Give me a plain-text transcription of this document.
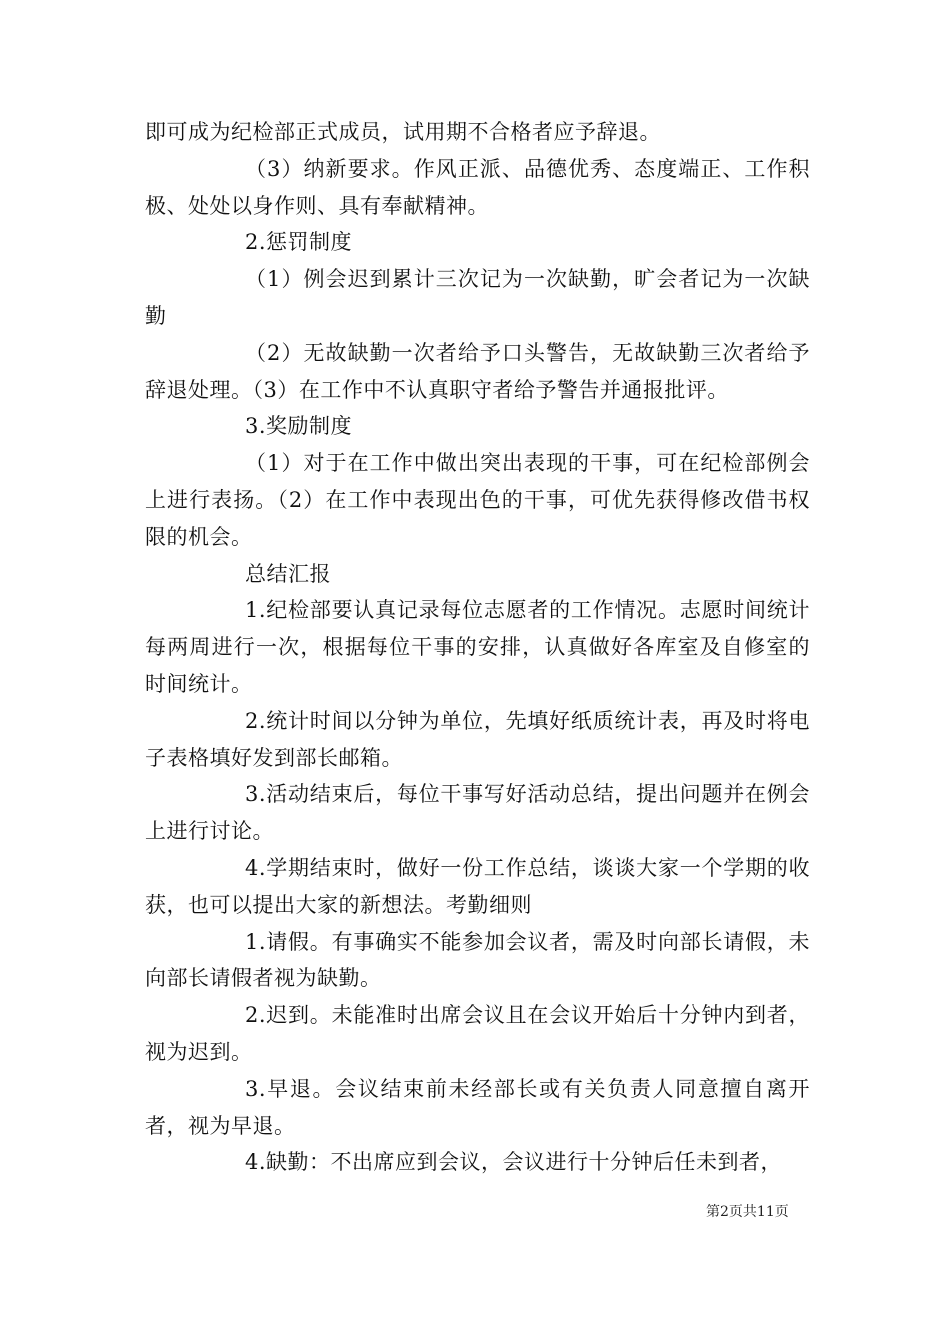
即可成为纪检部正式成员，试用期不合格者应予辞退。

（3）纳新要求。作风正派、品德优秀、态度端正、工作积极、处处以身作则、具有奉献精神。

2.惩罚制度

（1）例会迟到累计三次记为一次缺勤，旷会者记为一次缺勤

（2）无故缺勤一次者给予口头警告，无故缺勤三次者给予辞退处理。（3）在工作中不认真职守者给予警告并通报批评。

3.奖励制度

（1）对于在工作中做出突出表现的干事，可在纪检部例会上进行表扬。（2）在工作中表现出色的干事，可优先获得修改借书权限的机会。

总结汇报

1.纪检部要认真记录每位志愿者的工作情况。志愿时间统计每两周进行一次，根据每位干事的安排，认真做好各库室及自修室的时间统计。

2.统计时间以分钟为单位，先填好纸质统计表，再及时将电子表格填好发到部长邮箱。

3.活动结束后，每位干事写好活动总结，提出问题并在例会上进行讨论。

4.学期结束时，做好一份工作总结，谈谈大家一个学期的收获，也可以提出大家的新想法。考勤细则

1.请假。有事确实不能参加会议者，需及时向部长请假，未向部长请假者视为缺勤。

2.迟到。未能准时出席会议且在会议开始后十分钟内到者，视为迟到。

3.早退。会议结束前未经部长或有关负责人同意擅自离开者，视为早退。

4.缺勤：不出席应到会议，会议进行十分钟后任未到者，

第2页共11页
